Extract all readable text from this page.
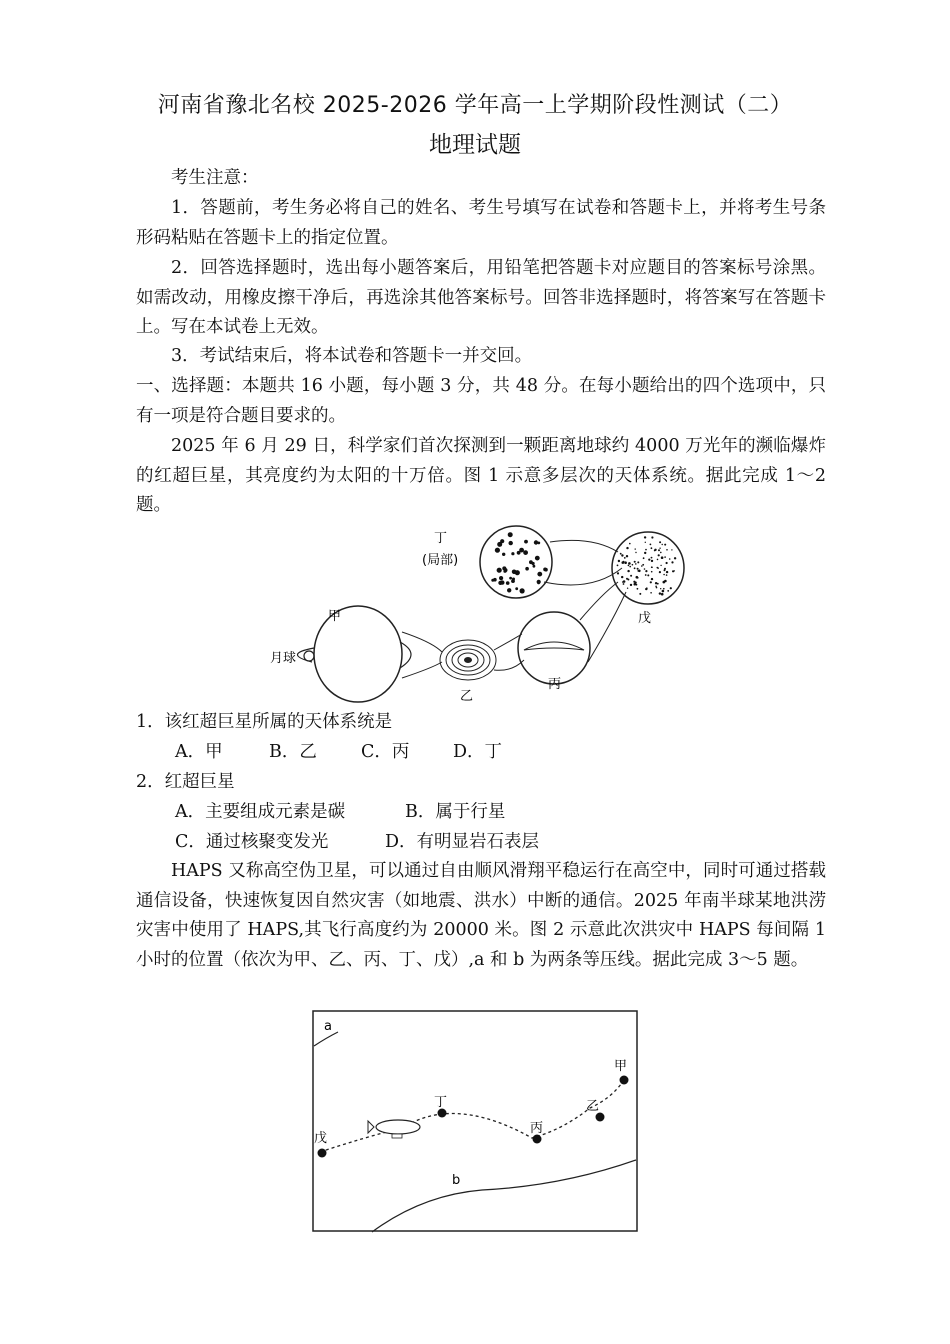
河南省豫北名校 2025-2026 学年高一上学期阶段性测试（二）
地理试题
考生注意：
1．答题前，考生务必将自己的姓名、考生号填写在试卷和答题卡上，并将考生号条形码粘贴在答题卡上的指定位置。
2．回答选择题时，选出每小题答案后，用铅笔把答题卡对应题目的答案标号涂黑。如需改动，用橡皮擦干净后，再选涂其他答案标号。回答非选择题时，将答案写在答题卡上。写在本试卷上无效。
3．考试结束后，将本试卷和答题卡一并交回。
一、选择题：本题共 16 小题，每小题 3 分，共 48 分。在每小题给出的四个选项中，只有一项是符合题目要求的。
2025 年 6 月 29 日，科学家们首次探测到一颗距离地球约 4000 万光年的濒临爆炸的红超巨星，其亮度约为太阳的十万倍。图 1 示意多层次的天体系统。据此完成 1～2 题。
丁
(局部)
甲
月球
乙
丙
戊
1．该红超巨星所属的天体系统是
A．甲	B．乙	C．丙 D．丁
2．红超巨星
A．主要组成元素是碳	B．属于行星
C．通过核聚变发光	D．有明显岩石表层
HAPS 又称高空伪卫星，可以通过自由顺风滑翔平稳运行在高空中，同时可通过搭载通信设备，快速恢复因自然灾害（如地震、洪水）中断的通信。2025 年南半球某地洪涝灾害中使用了 HAPS,其飞行高度约为 20000 米。图 2 示意此次洪灾中 HAPS 每间隔 1 小时的位置（依次为甲、乙、丙、丁、戊）,a 和 b 为两条等压线。据此完成 3～5 题。
a
b
甲
乙
丙
丁
戊
